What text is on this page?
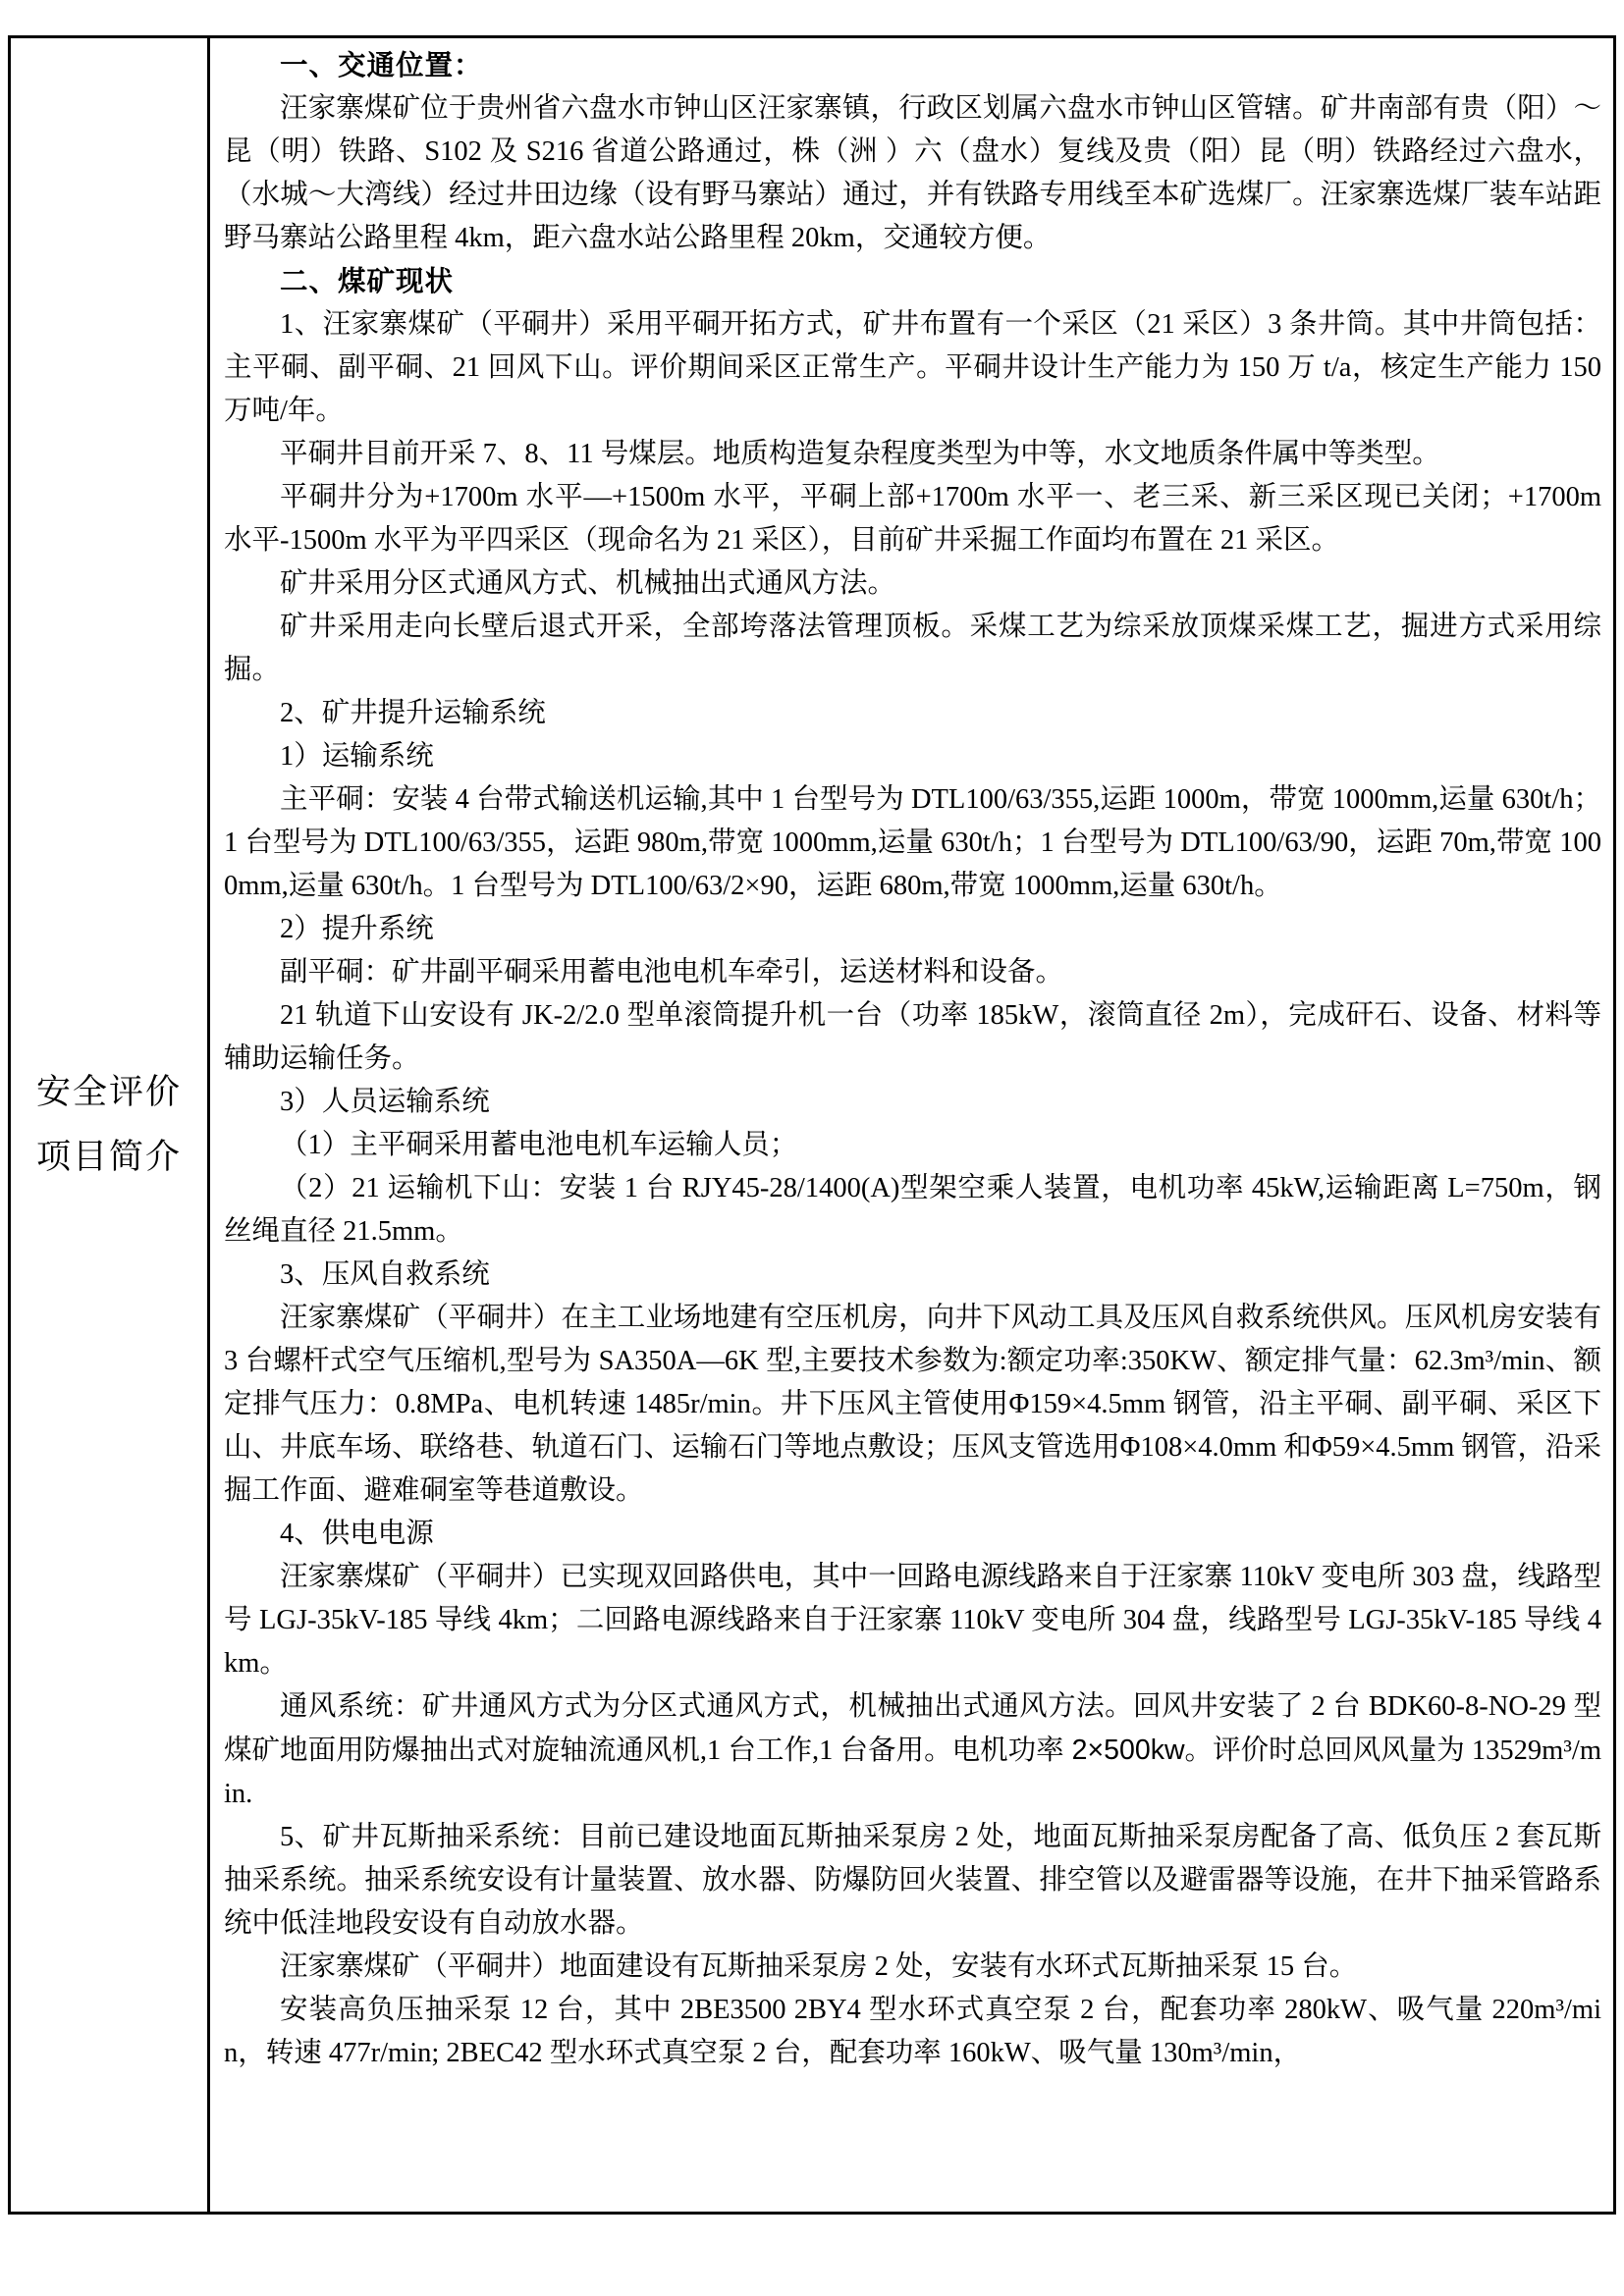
安全评价
项目简介

一、交通位置：

汪家寨煤矿位于贵州省六盘水市钟山区汪家寨镇，行政区划属六盘水市钟山区管辖。矿井南部有贵（阳）～昆（明）铁路、S102 及 S216 省道公路通过，株（洲 ）六（盘水）复线及贵（阳）昆（明）铁路经过六盘水，（水城～大湾线）经过井田边缘（设有野马寨站）通过，并有铁路专用线至本矿选煤厂。汪家寨选煤厂装车站距野马寨站公路里程 4km，距六盘水站公路里程 20km，交通较方便。

二、煤矿现状

1、汪家寨煤矿（平硐井）采用平硐开拓方式，矿井布置有一个采区（21 采区）3 条井筒。其中井筒包括：主平硐、副平硐、21 回风下山。评价期间采区正常生产。平硐井设计生产能力为 150 万 t/a，核定生产能力 150 万吨/年。

平硐井目前开采 7、8、11 号煤层。地质构造复杂程度类型为中等，水文地质条件属中等类型。

平硐井分为+1700m 水平—+1500m 水平，平硐上部+1700m 水平一、老三采、新三采区现已关闭；+1700m 水平-1500m 水平为平四采区（现命名为 21 采区），目前矿井采掘工作面均布置在 21 采区。

矿井采用分区式通风方式、机械抽出式通风方法。

矿井采用走向长壁后退式开采，全部垮落法管理顶板。采煤工艺为综采放顶煤采煤工艺，掘进方式采用综掘。

2、矿井提升运输系统

1）运输系统

主平硐：安装 4 台带式输送机运输,其中 1 台型号为 DTL100/63/355,运距 1000m，带宽 1000mm,运量 630t/h；1 台型号为 DTL100/63/355，运距 980m,带宽 1000mm,运量 630t/h；1 台型号为 DTL100/63/90，运距 70m,带宽 1000mm,运量 630t/h。1 台型号为 DTL100/63/2×90，运距 680m,带宽 1000mm,运量 630t/h。

2）提升系统

副平硐：矿井副平硐采用蓄电池电机车牵引，运送材料和设备。

21 轨道下山安设有 JK-2/2.0 型单滚筒提升机一台（功率 185kW，滚筒直径 2m），完成矸石、设备、材料等辅助运输任务。

3）人员运输系统

（1）主平硐采用蓄电池电机车运输人员；

（2）21 运输机下山：安装 1 台 RJY45-28/1400(A)型架空乘人装置，电机功率 45kW,运输距离 L=750m，钢丝绳直径 21.5mm。

3、压风自救系统

汪家寨煤矿（平硐井）在主工业场地建有空压机房，向井下风动工具及压风自救系统供风。压风机房安装有 3 台螺杆式空气压缩机,型号为 SA350A—6K 型,主要技术参数为:额定功率:350KW、额定排气量：62.3m³/min、额定排气压力：0.8MPa、电机转速 1485r/min。井下压风主管使用Φ159×4.5mm 钢管，沿主平硐、副平硐、采区下山、井底车场、联络巷、轨道石门、运输石门等地点敷设；压风支管选用Φ108×4.0mm 和Φ59×4.5mm 钢管，沿采掘工作面、避难硐室等巷道敷设。

4、供电电源

汪家寨煤矿（平硐井）已实现双回路供电，其中一回路电源线路来自于汪家寨 110kV 变电所 303 盘，线路型号 LGJ-35kV-185 导线 4km；二回路电源线路来自于汪家寨 110kV 变电所 304 盘，线路型号 LGJ-35kV-185 导线 4km。

通风系统：矿井通风方式为分区式通风方式，机械抽出式通风方法。回风井安装了 2 台 BDK60-8-NO-29 型煤矿地面用防爆抽出式对旋轴流通风机,1 台工作,1 台备用。电机功率 2×500kw。评价时总回风风量为 13529m³/min.

5、矿井瓦斯抽采系统：目前已建设地面瓦斯抽采泵房 2 处，地面瓦斯抽采泵房配备了高、低负压 2 套瓦斯抽采系统。抽采系统安设有计量装置、放水器、防爆防回火装置、排空管以及避雷器等设施，在井下抽采管路系统中低洼地段安设有自动放水器。

汪家寨煤矿（平硐井）地面建设有瓦斯抽采泵房 2 处，安装有水环式瓦斯抽采泵 15 台。

安装高负压抽采泵 12 台，其中 2BE3500 2BY4 型水环式真空泵 2 台，配套功率 280kW、吸气量 220m³/min，转速 477r/min; 2BEC42 型水环式真空泵 2 台，配套功率 160kW、吸气量 130m³/min，
